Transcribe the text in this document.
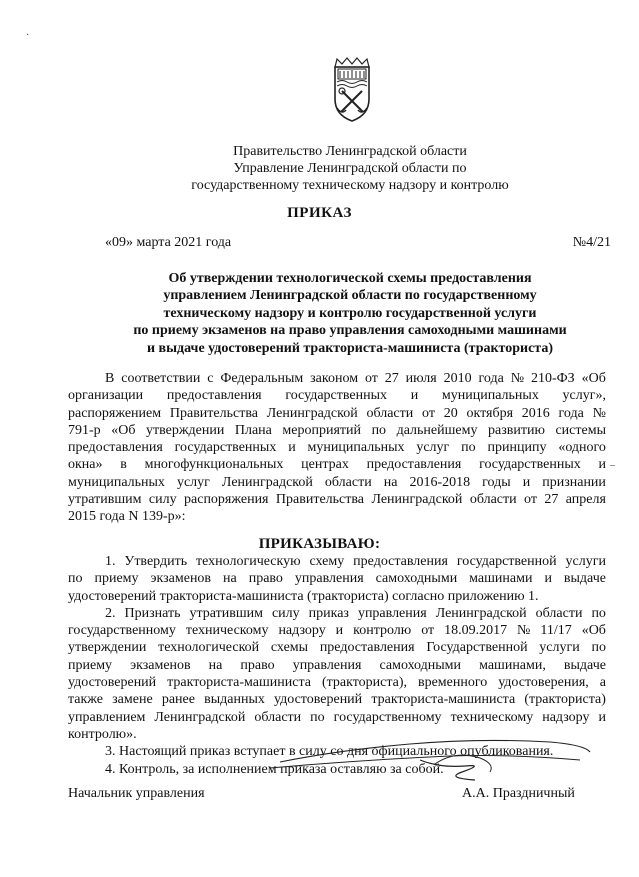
Правительство Ленинградской области
Управление Ленинградской области по
государственному техническому надзору и контролю
ПРИКАЗ
«09» марта 2021 года	№4/21
Об утверждении технологической схемы предоставления
управлением Ленинградской области по государственному
техническому надзору и контролю государственной услуги
по приему экзаменов на право управления самоходными машинами
и выдаче удостоверений тракториста-машиниста (тракториста)
В соответствии с Федеральным законом от 27 июля 2010 года № 210-ФЗ «Об
организации предоставления государственных и муниципальных услуг»,
распоряжением Правительства Ленинградской области от 20 октября 2016 года №
791-р «Об утверждении Плана мероприятий по дальнейшему развитию системы
предоставления государственных и муниципальных услуг по принципу «одного
окна» в многофункциональных центрах предоставления государственных и
муниципальных услуг Ленинградской области на 2016-2018 годы и признании
утратившим силу распоряжения Правительства Ленинградской области от 27 апреля
2015 года N 139-р»:
ПРИКАЗЫВАЮ:
1. Утвердить технологическую схему предоставления государственной услуги
по приему экзаменов на право управления самоходными машинами и выдаче
удостоверений тракториста-машиниста (тракториста) согласно приложению 1.
2. Признать утратившим силу приказ управления Ленинградской области по
государственному техническому надзору и контролю от 18.09.2017 № 11/17 «Об
утверждении технологической схемы предоставления Государственной услуги по
приему экзаменов на право управления самоходными машинами, выдаче
удостоверений тракториста-машиниста (тракториста), временного удостоверения, а
также замене ранее выданных удостоверений тракториста-машиниста (тракториста)
управлением Ленинградской области по государственному техническому надзору и
контролю».
3. Настоящий приказ вступает в силу со дня официального опубликования.
4. Контроль, за исполнением приказа оставляю за собой.
Начальник управления	А.А. Праздничный
–
·
